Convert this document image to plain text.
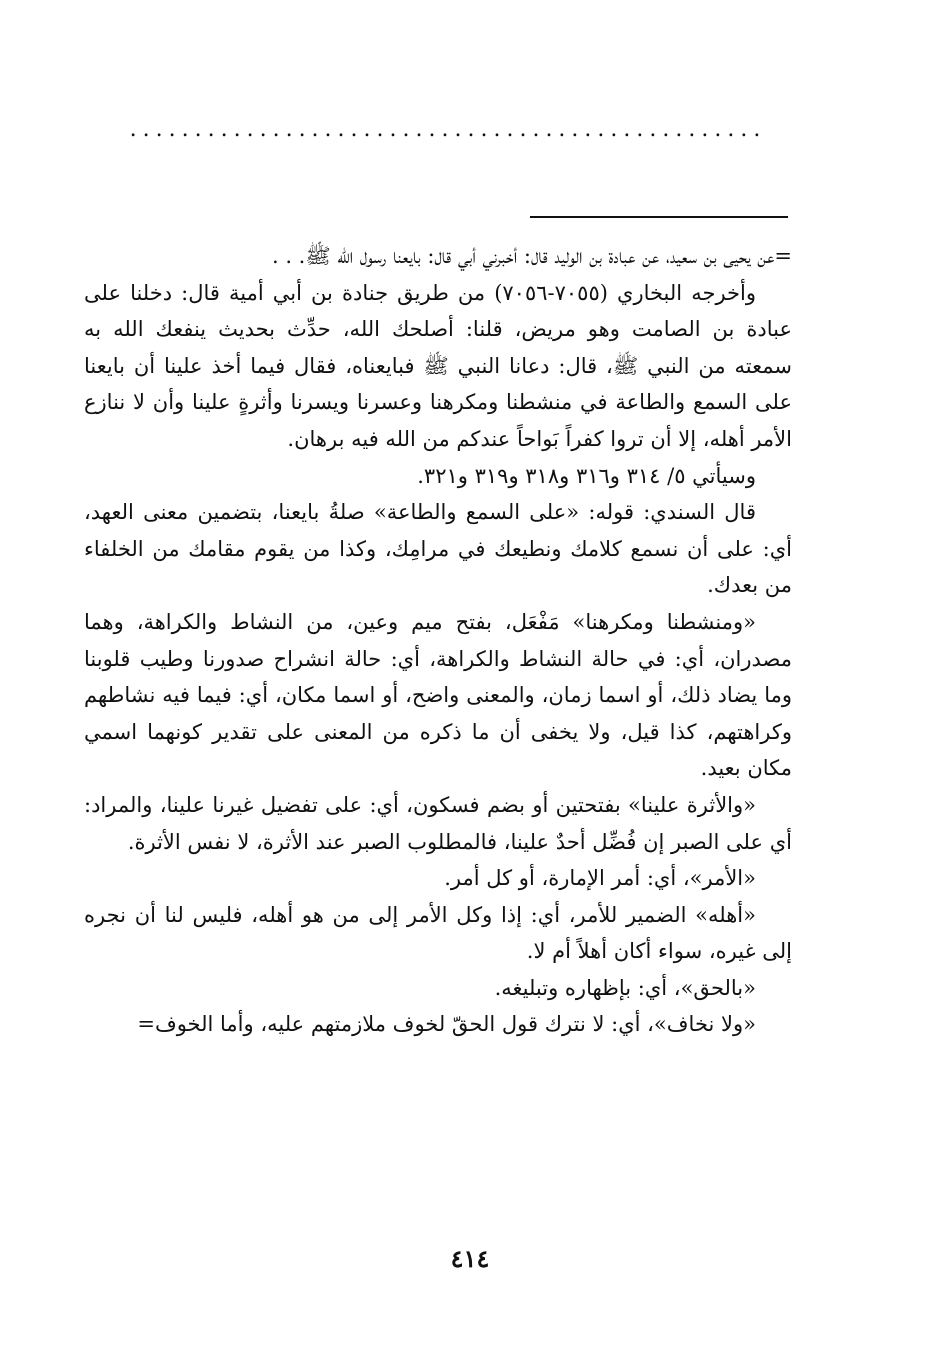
.................................................

=عن يحيى بن سعيد، عن عبادة بن الوليد قال: أخبرني أبي قال: بايعنا رسول الله ﷺ. . .

وأخرجه البخاري (٧٠٥٥-٧٠٥٦) من طريق جنادة بن أبي أمية قال: دخلنا على عبادة بن الصامت وهو مريض، قلنا: أصلحك الله، حدِّث بحديث ينفعك الله به سمعته من النبي ﷺ، قال: دعانا النبي ﷺ فبايعناه، فقال فيما أخذ علينا أن بايعنا على السمع والطاعة في منشطنا ومكرهنا وعسرنا ويسرنا وأثرةٍ علينا وأن لا ننازع الأمر أهله، إلا أن تروا كفراً بَواحاً عندكم من الله فيه برهان.

وسيأتي ٥/ ٣١٤ و٣١٦ و٣١٨ و٣١٩ و٣٢١.

قال السندي: قوله: «على السمع والطاعة» صلةُ بايعنا، بتضمين معنى العهد، أي: على أن نسمع كلامك ونطيعك في مرامِك، وكذا من يقوم مقامك من الخلفاء من بعدك.

«ومنشطنا ومكرهنا» مَفْعَل، بفتح ميم وعين، من النشاط والكراهة، وهما مصدران، أي: في حالة النشاط والكراهة، أي: حالة انشراح صدورنا وطيب قلوبنا وما يضاد ذلك، أو اسما زمان، والمعنى واضح، أو اسما مكان، أي: فيما فيه نشاطهم وكراهتهم، كذا قيل، ولا يخفى أن ما ذكره من المعنى على تقدير كونهما اسمي مكان بعيد.

«والأثرة علينا» بفتحتين أو بضم فسكون، أي: على تفضيل غيرنا علينا، والمراد: أي على الصبر إن فُضِّل أحدٌ علينا، فالمطلوب الصبر عند الأثرة، لا نفس الأثرة.

«الأمر»، أي: أمر الإمارة، أو كل أمر.

«أهله» الضمير للأمر، أي: إذا وكل الأمر إلى من هو أهله، فليس لنا أن نجره إلى غيره، سواء أكان أهلاً أم لا.

«بالحق»، أي: بإظهاره وتبليغه.

«ولا نخاف»، أي: لا نترك قول الحقّ لخوف ملازمتهم عليه، وأما الخوف=

٤١٤
